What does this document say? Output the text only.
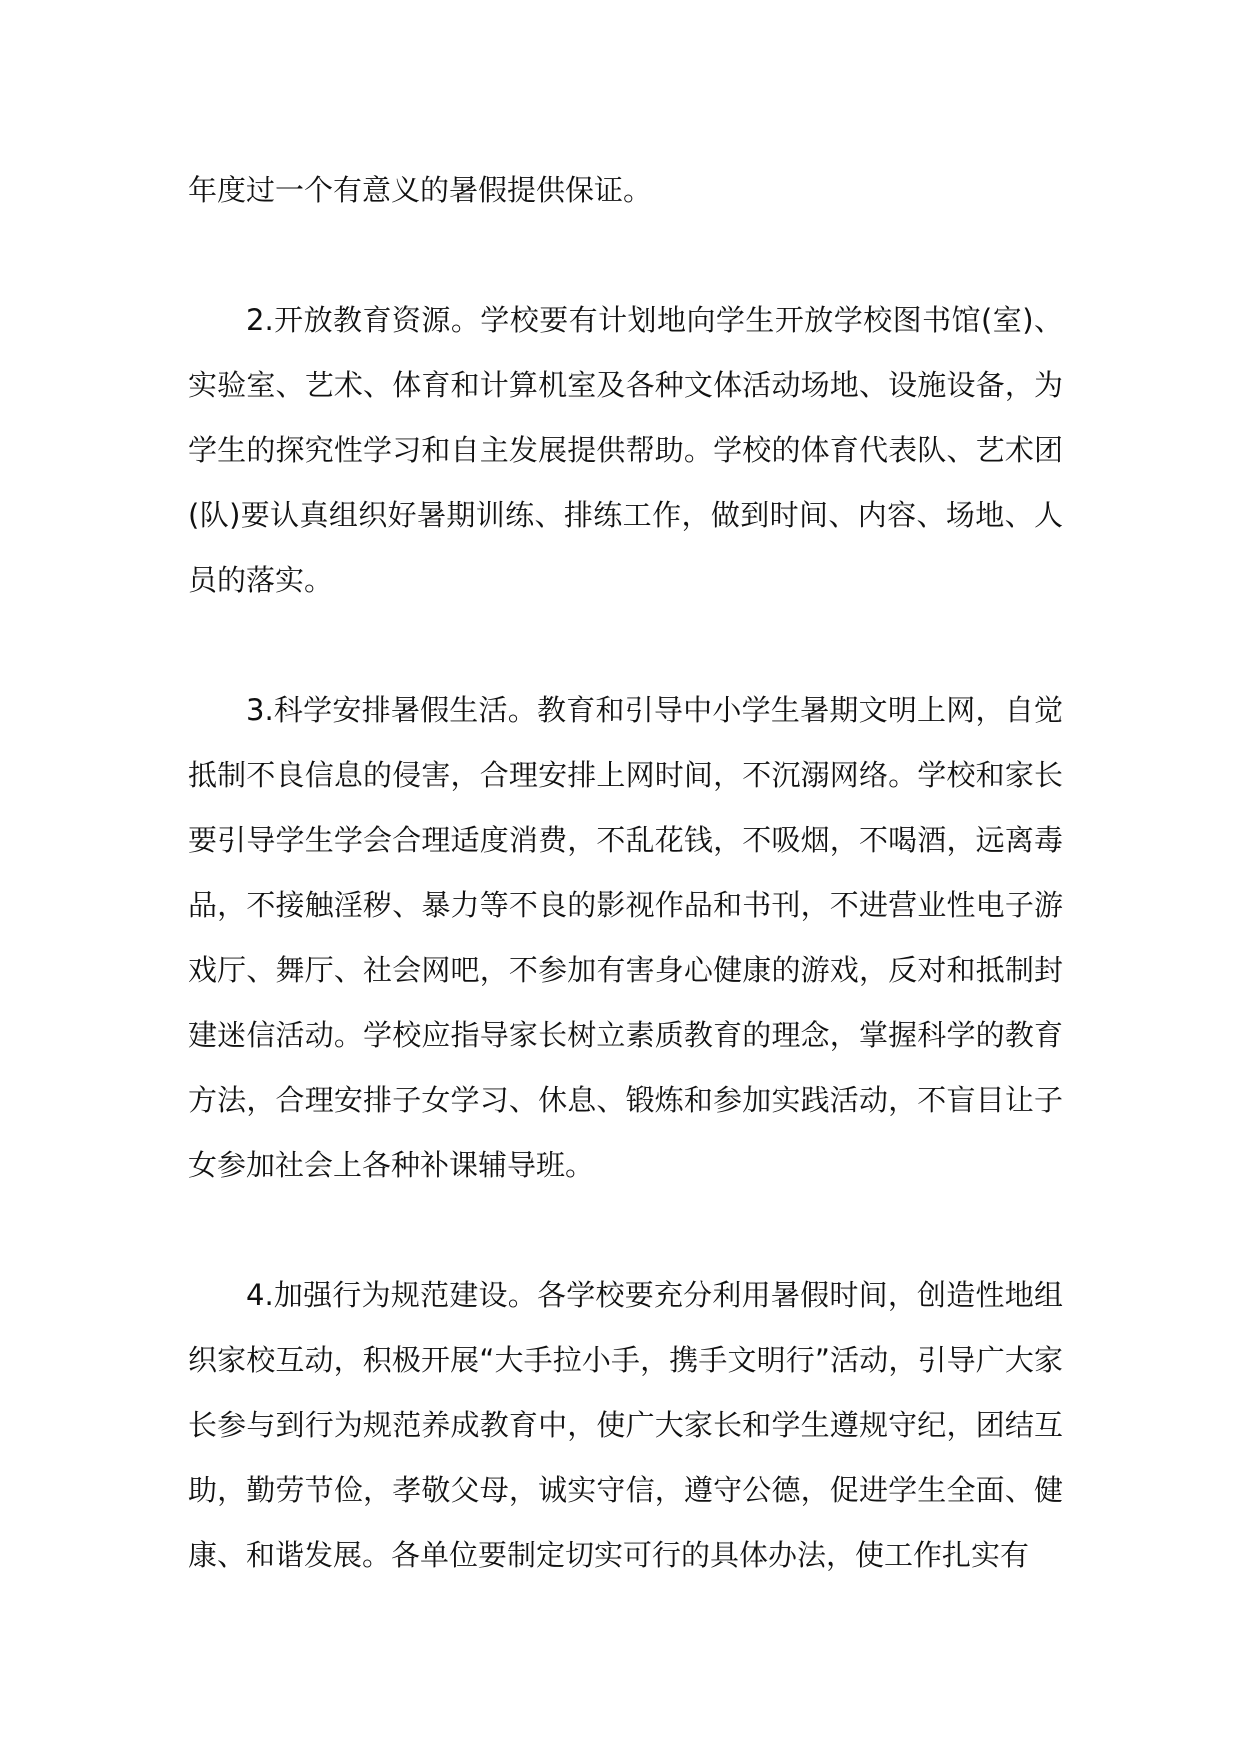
年度过一个有意义的暑假提供保证。

2.开放教育资源。学校要有计划地向学生开放学校图书馆(室)、实验室、艺术、体育和计算机室及各种文体活动场地、设施设备，为学生的探究性学习和自主发展提供帮助。学校的体育代表队、艺术团(队)要认真组织好暑期训练、排练工作，做到时间、内容、场地、人员的落实。

3.科学安排暑假生活。教育和引导中小学生暑期文明上网，自觉抵制不良信息的侵害，合理安排上网时间，不沉溺网络。学校和家长要引导学生学会合理适度消费，不乱花钱，不吸烟，不喝酒，远离毒品，不接触淫秽、暴力等不良的影视作品和书刊，不进营业性电子游戏厅、舞厅、社会网吧，不参加有害身心健康的游戏，反对和抵制封建迷信活动。学校应指导家长树立素质教育的理念，掌握科学的教育方法，合理安排子女学习、休息、锻炼和参加实践活动，不盲目让子女参加社会上各种补课辅导班。

4.加强行为规范建设。各学校要充分利用暑假时间，创造性地组织家校互动，积极开展“大手拉小手，携手文明行”活动，引导广大家长参与到行为规范养成教育中，使广大家长和学生遵规守纪，团结互助，勤劳节俭，孝敬父母，诚实守信，遵守公德，促进学生全面、健康、和谐发展。各单位要制定切实可行的具体办法，使工作扎实有
